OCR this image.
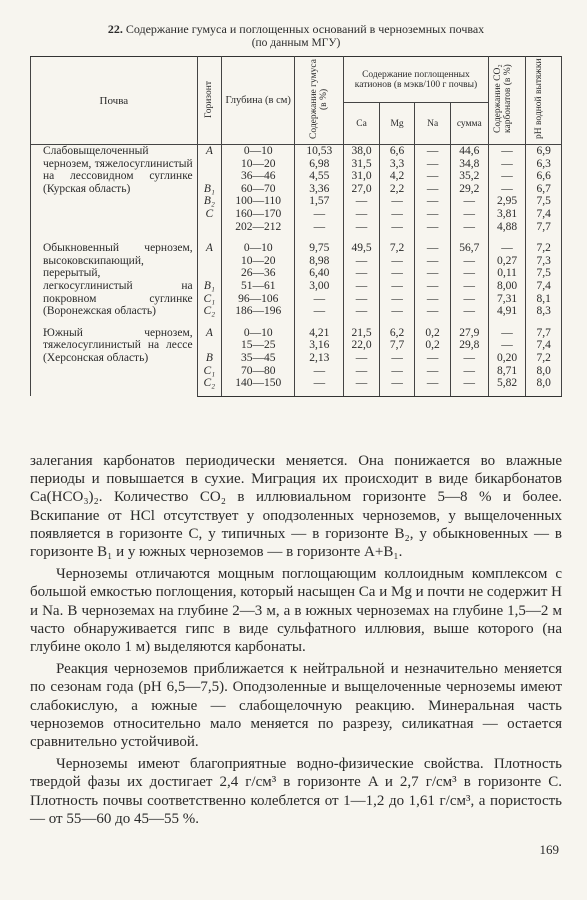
22. Содержание гумуса и поглощенных оснований в черноземных почвах
(по данным МГУ)
Почва	Горизонт	Глубина (в см)	Содержание гумуса (в %)	Содержание поглощенных катионов (в мэкв/100 г почвы)				Содержание CO₂ карбонатов (в %)	pH водной вытяжки
				Ca	Mg	Na	сумма		
Слабовыщелоченный чернозем, тяжелосуглинистый на лессовидном суглинке (Курская область)	A	0—10	10,53	38,0	6,6	—	44,6	—	6,9
		10—20	6,98	31,5	3,3	—	34,8	—	6,3
		36—46	4,55	31,0	4,2	—	35,2	—	6,6
	B₁	60—70	3,36	27,0	2,2	—	29,2	—	6,7
	B₂	100—110	1,57	—	—	—	—	2,95	7,5
	C	160—170	—	—	—	—	—	3,81	7,4
		202—212	—	—	—	—	—	4,88	7,7
Обыкновенный чернозем, высоковскипающий, перерытый, легкосуглинистый на покровном суглинке (Воронежская область)	A	0—10	9,75	49,5	7,2	—	56,7	—	7,2
		10—20	8,98	—	—	—	—	0,27	7,3
		26—36	6,40	—	—	—	—	0,11	7,5
	B₁	51—61	3,00	—	—	—	—	8,00	7,4
	C₁	96—106	—	—	—	—	—	7,31	8,1
	C₂	186—196	—	—	—	—	—	4,91	8,3
Южный чернозем, тяжелосуглинистый на лессе (Херсонская область)	A	0—10	4,21	21,5	6,2	0,2	27,9	—	7,7
		15—25	3,16	22,0	7,7	0,2	29,8	—	7,4
	B	35—45	2,13	—	—	—	—	0,20	7,2
	C₁	70—80	—	—	—	—	—	8,71	8,0
	C₂	140—150	—	—	—	—	—	5,82	8,0

залегания карбонатов периодически меняется. Она понижается во влажные периоды и повышается в сухие. Миграция их происходит в виде бикарбонатов Ca(HCO₃)₂. Количество CO₂ в иллювиальном горизонте 5—8 % и более. Вскипание от HCl отсутствует у оподзоленных черноземов, у выщелоченных появляется в горизонте C, у типичных — в горизонте B₂, у обыкновенных — в горизонте B₁ и у южных черноземов — в горизонте A+B₁.

Черноземы отличаются мощным поглощающим коллоидным комплексом с большой емкостью поглощения, который насыщен Ca и Mg и почти не содержит H и Na. В черноземах на глубине 2—3 м, а в южных черноземах на глубине 1,5—2 м часто обнаруживается гипс в виде сульфатного иллювия, выше которого (на глубине около 1 м) выделяются карбонаты.

Реакция черноземов приближается к нейтральной и незначительно меняется по сезонам года (pH 6,5—7,5). Оподзоленные и выщелоченные черноземы имеют слабокислую, а южные — слабощелочную реакцию. Минеральная часть черноземов относительно мало меняется по разрезу, силикатная — остается сравнительно устойчивой.

Черноземы имеют благоприятные водно-физические свойства. Плотность твердой фазы их достигает 2,4 г/см³ в горизонте A и 2,7 г/см³ в горизонте C. Плотность почвы соответственно колеблется от 1—1,2 до 1,61 г/см³, а пористость — от 55—60 до 45—55 %.

169
